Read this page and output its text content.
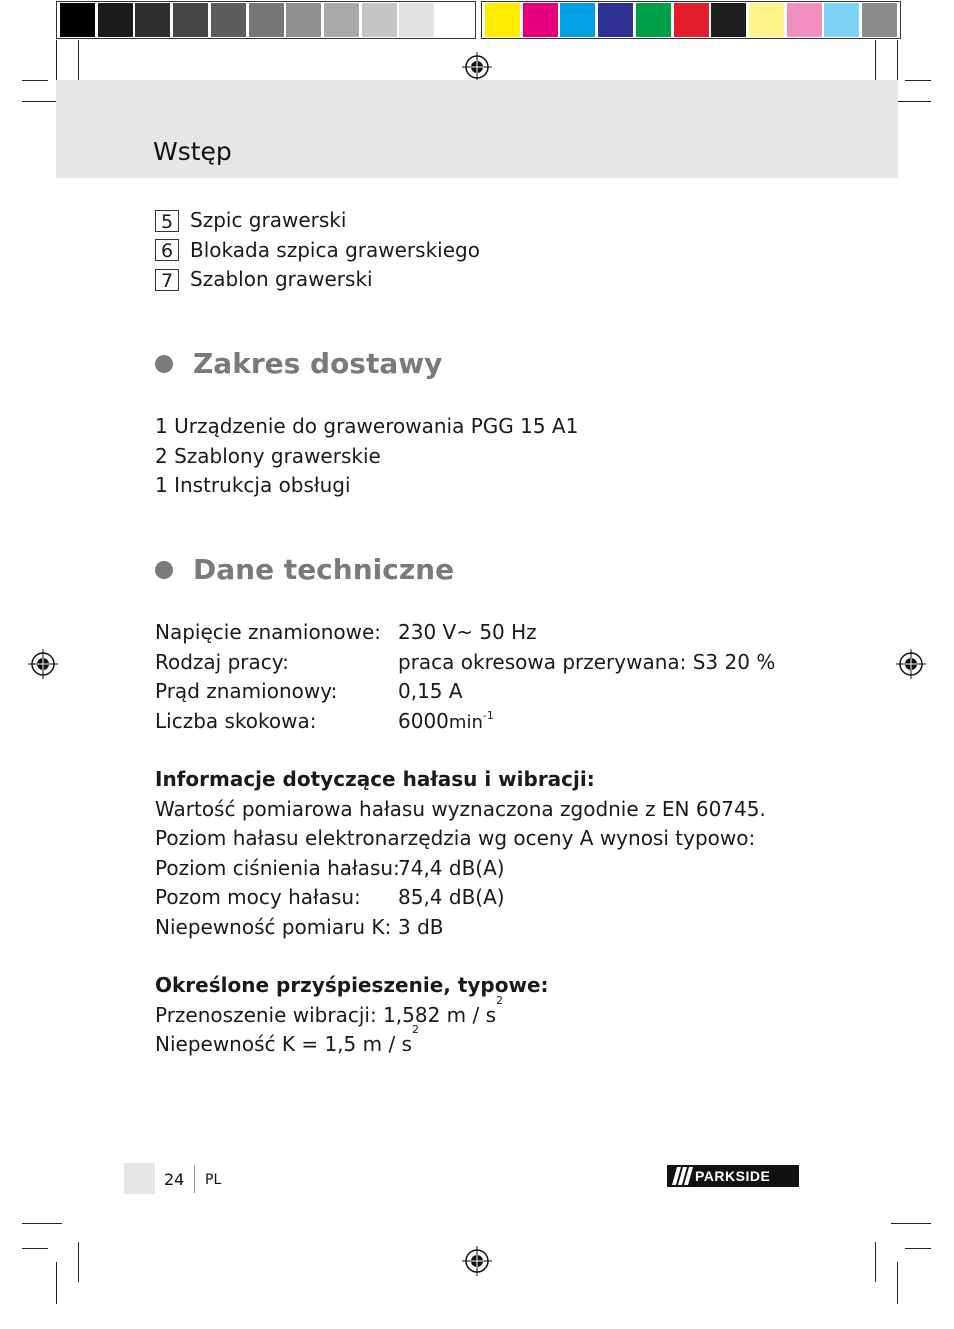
Wstęp
5 Szpic grawerski
6 Blokada szpica grawerskiego
7 Szablon grawerski
Zakres dostawy
1 Urządzenie do grawerowania PGG 15 A1
2 Szablony grawerskie
1 Instrukcja obsługi
Dane techniczne
Napięcie znamionowe: 230 V~ 50 Hz
Rodzaj pracy:	praca okresowa przerywana: S3 20 %
Prąd znamionowy:	0,15 A
Liczba skokowa:	$6000\min^{-1}$
Informacje dotyczące hałasu i wibracji:
Wartość pomiarowa hałasu wyznaczona zgodnie z EN 60745.
Poziom hałasu elektronarzędzia wg oceny A wynosi typowo:
Poziom ciśnienia hałasu:
74,4 dB(A)
Pozom mocy hałasu:	85,4 dB(A)
Niepewność pomiaru K: 3 dB
Określone przyśpieszenie, typowe:
Przenoszenie wibracji: 1,582 m / s
2
Niepewność K = 1,5 m / s
2
24 PL	PARKSIDE
